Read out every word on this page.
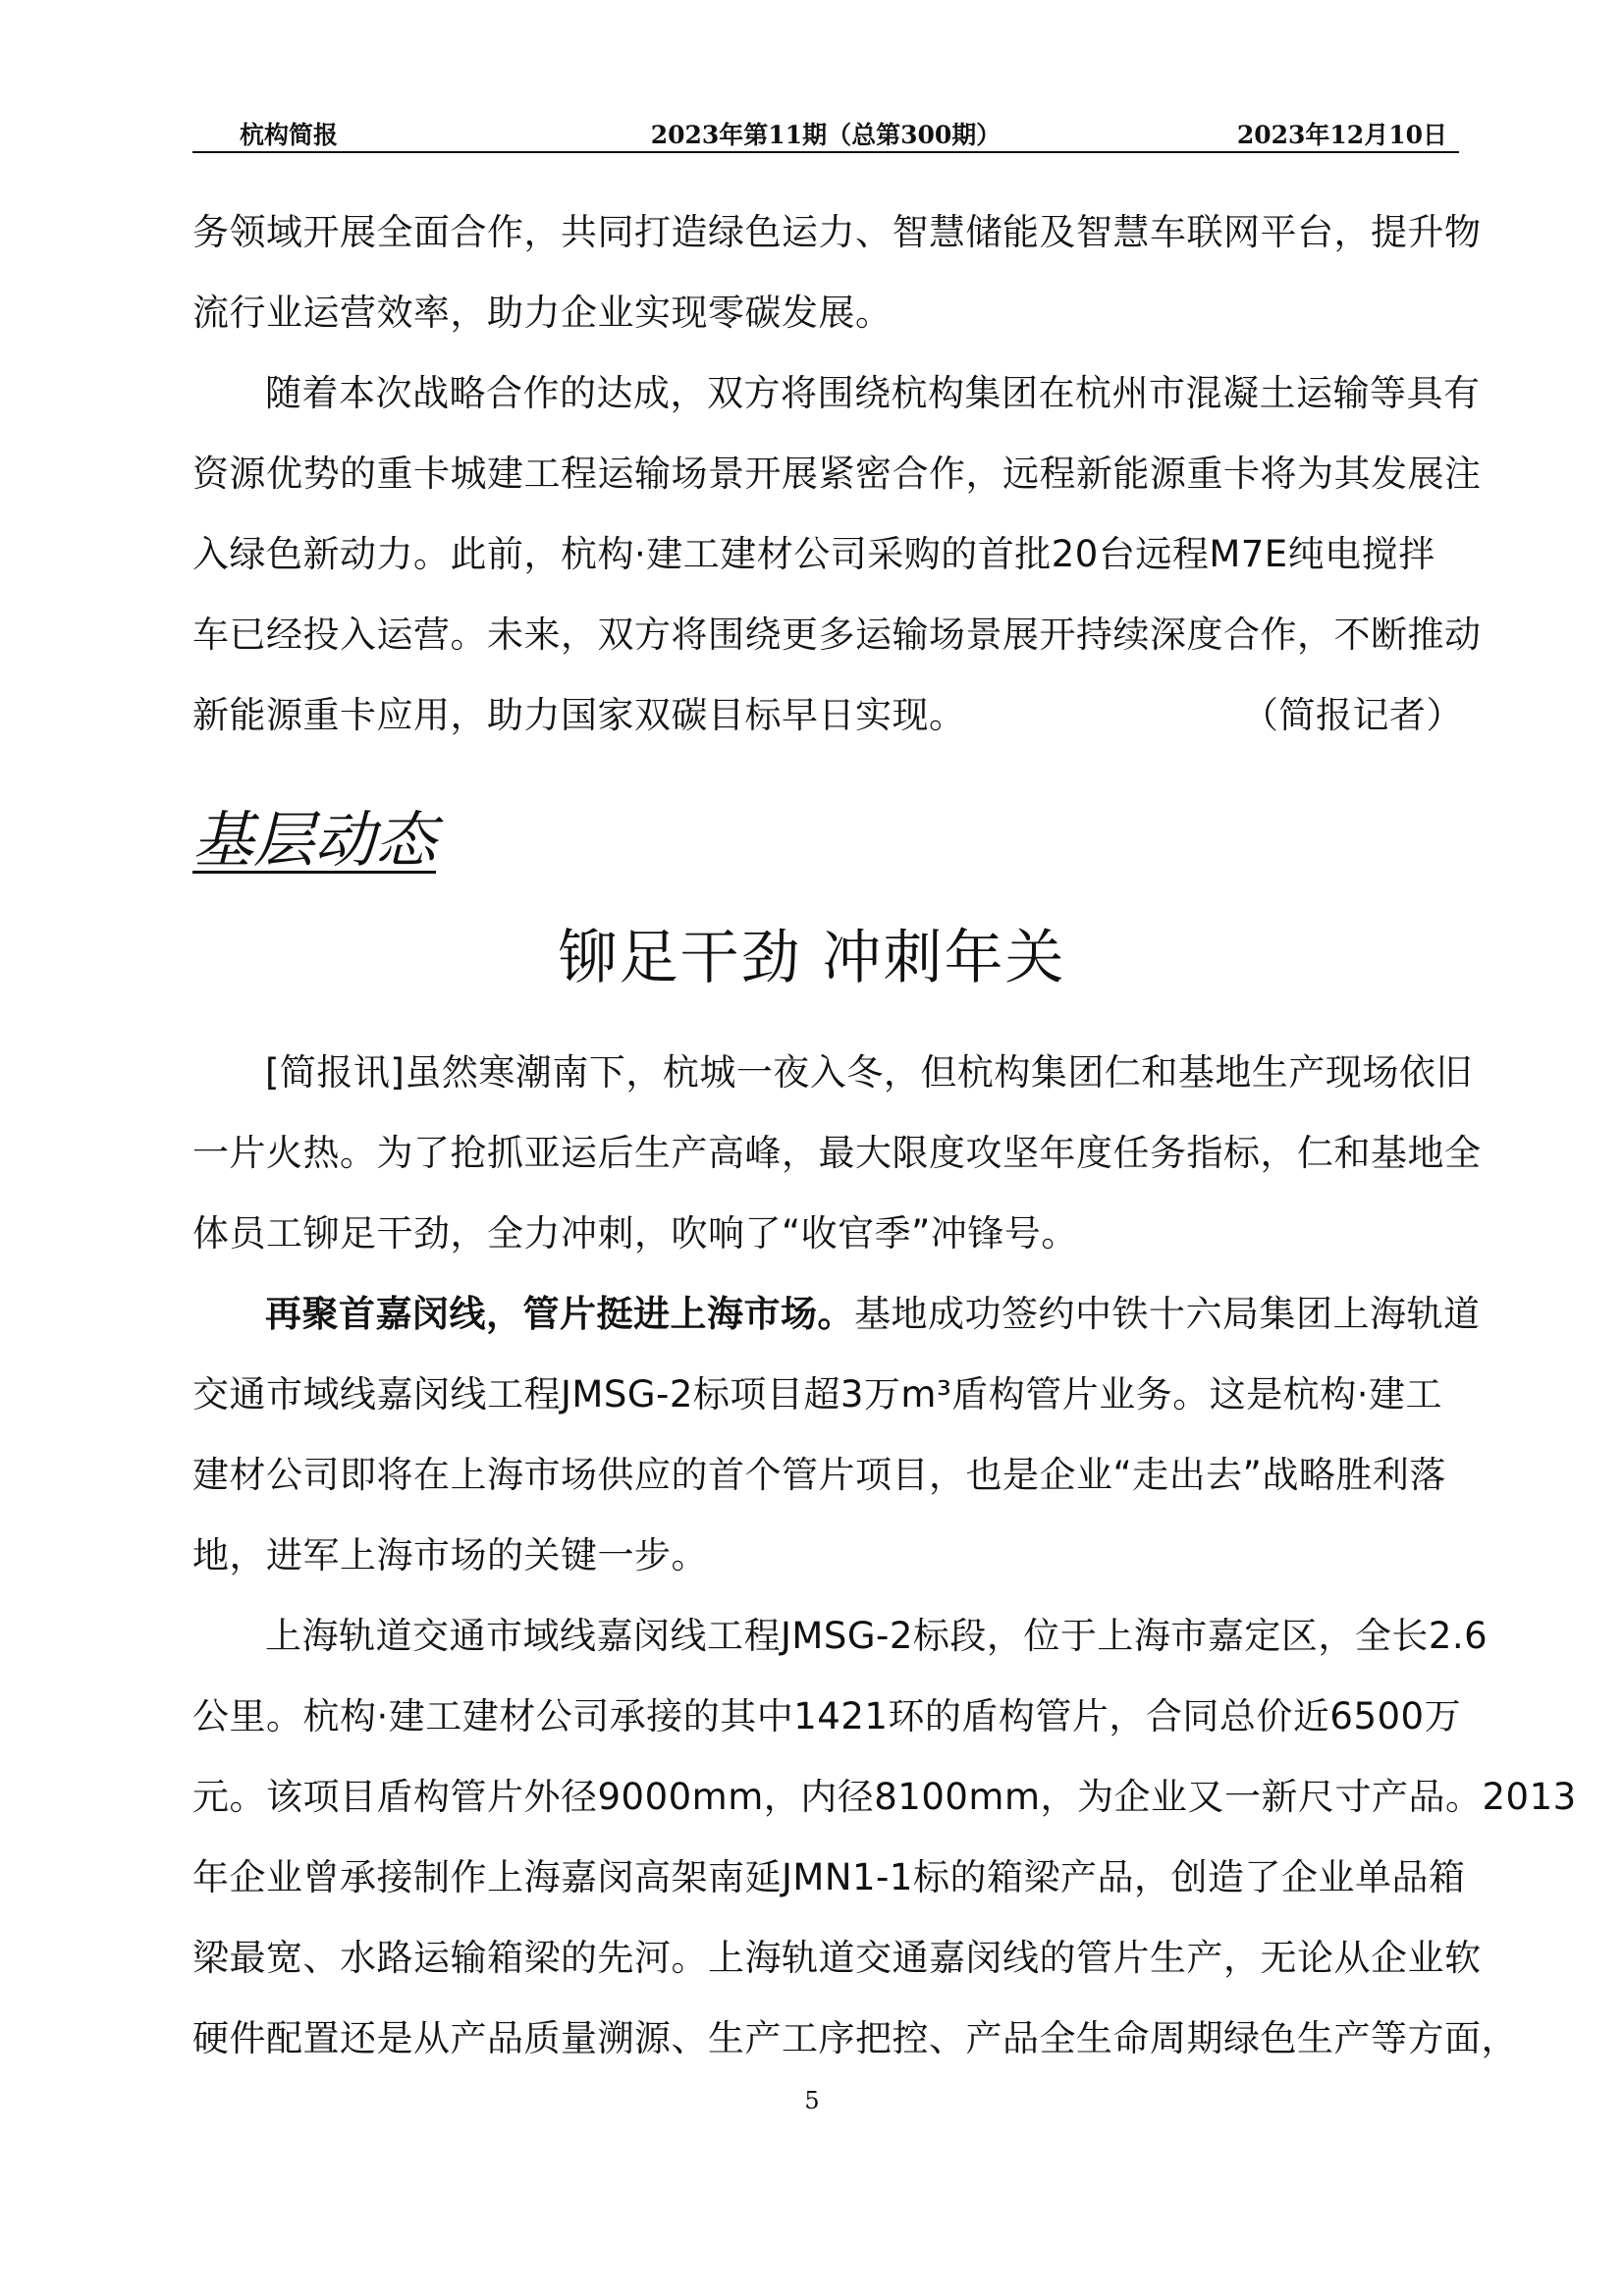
2023年第11期（总第300期）
杭构简报	2023年12月10日
务领域开展全面合作，共同打造绿色运力、智慧储能及智慧车联网平台，提升物
流行业运营效率，助力企业实现零碳发展。
随着本次战略合作的达成，双方将围绕杭构集团在杭州市混凝土运输等具有
资源优势的重卡城建工程运输场景开展紧密合作，远程新能源重卡将为其发展注
入绿色新动力。此前，杭构·建工建材公司采购的首批20台远程M7E纯电搅拌
车已经投入运营。未来，双方将围绕更多运输场景展开持续深度合作，不断推动
新能源重卡应用，助力国家双碳目标早日实现。	（简报记者）
基层动态
铆足干劲 冲刺年关
[简报讯]虽然寒潮南下，杭城一夜入冬，但杭构集团仁和基地生产现场依旧
一片火热。为了抢抓亚运后生产高峰，最大限度攻坚年度任务指标，仁和基地全
体员工铆足干劲，全力冲刺，吹响了“收官季”冲锋号。
再聚首嘉闵线，管片挺进上海市场。基地成功签约中铁十六局集团上海轨道
交通市域线嘉闵线工程JMSG-2标项目超3万m³盾构管片业务。这是杭构·建工
建材公司即将在上海市场供应的首个管片项目，也是企业“走出去”战略胜利落
地，进军上海市场的关键一步。
上海轨道交通市域线嘉闵线工程JMSG-2标段，位于上海市嘉定区，全长2.6
公里。杭构·建工建材公司承接的其中1421环的盾构管片，合同总价近6500万
元。该项目盾构管片外径9000mm，内径8100mm，为企业又一新尺寸产品。2013
年企业曾承接制作上海嘉闵高架南延JMN1-1标的箱梁产品，创造了企业单品箱
梁最宽、水路运输箱梁的先河。上海轨道交通嘉闵线的管片生产，无论从企业软
硬件配置还是从产品质量溯源、生产工序把控、产品全生命周期绿色生产等方面，
5
